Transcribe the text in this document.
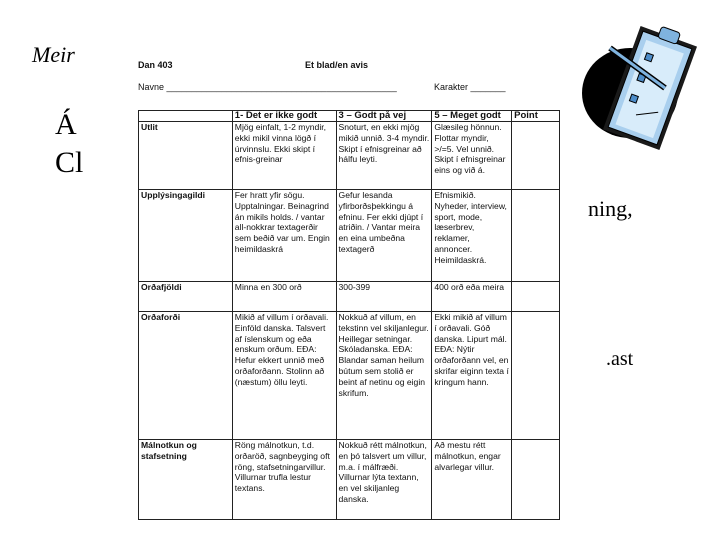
Meir
Á
Cl
ning,
.ast
Dan 403	Et blad/en avis
Navne ______________________________________________	Karakter _______
	1- Det er ikke godt	3 – Godt på vej	5 – Meget godt	Point
Utlit	Mjög einfalt, 1-2 myndir, ekki mikil vinna lögð í úrvinnslu. Ekki skipt í efnis-greinar	Snoturt, en ekki mjög mikið unnið. 3-4 myndir. Skipt í efnisgreinar að hálfu leyti.	Glæsileg hönnun. Flottar myndir, >/=5. Vel unnið. Skipt í efnisgreinar eins og við á.	
Upplýsingagildi	Fer hratt yfir sögu. Upptalningar. Beinagrind án mikils holds. / vantar all-nokkrar textagerðir sem beðið var um. Engin heimildaskrá	Gefur lesanda yfirborðsþekkingu á efninu. Fer ekki djúpt í atriðin. / Vantar meira en eina umbeðna textagerð	Efnismikið. Nyheder, interview, sport, mode, læserbrev, reklamer, annoncer. Heimildaskrá.	
Orðafjöldi	Minna en 300 orð	300-399	400 orð eða meira	
Orðaforði	Mikið af villum í orðavali. Einföld danska. Talsvert af íslenskum og eða enskum orðum. EÐA: Hefur ekkert unnið með orðaforðann. Stolinn að (næstum) öllu leyti.	Nokkuð af villum, en tekstinn vel skiljanlegur. Heillegar setningar. Skóladanska. EÐA: Blandar saman heilum bútum sem stolið er beint af netinu og eigin skrifum.	Ekki mikið af villum í orðavali. Góð danska. Lipurt mál. EÐA: Nýtir orðaforðann vel, en skrifar eiginn texta í kringum hann.	
Málnotkun og stafsetning	Röng málnotkun, t.d. orðaröð, sagnbeyging oft röng, stafsetningarvillur. Villurnar trufla lestur textans.	Nokkuð rétt málnotkun, en þó talsvert um villur, m.a. í málfræði. Villurnar lýta textann, en vel skiljanleg danska.	Að mestu rétt málnotkun, engar alvarlegar villur.	
